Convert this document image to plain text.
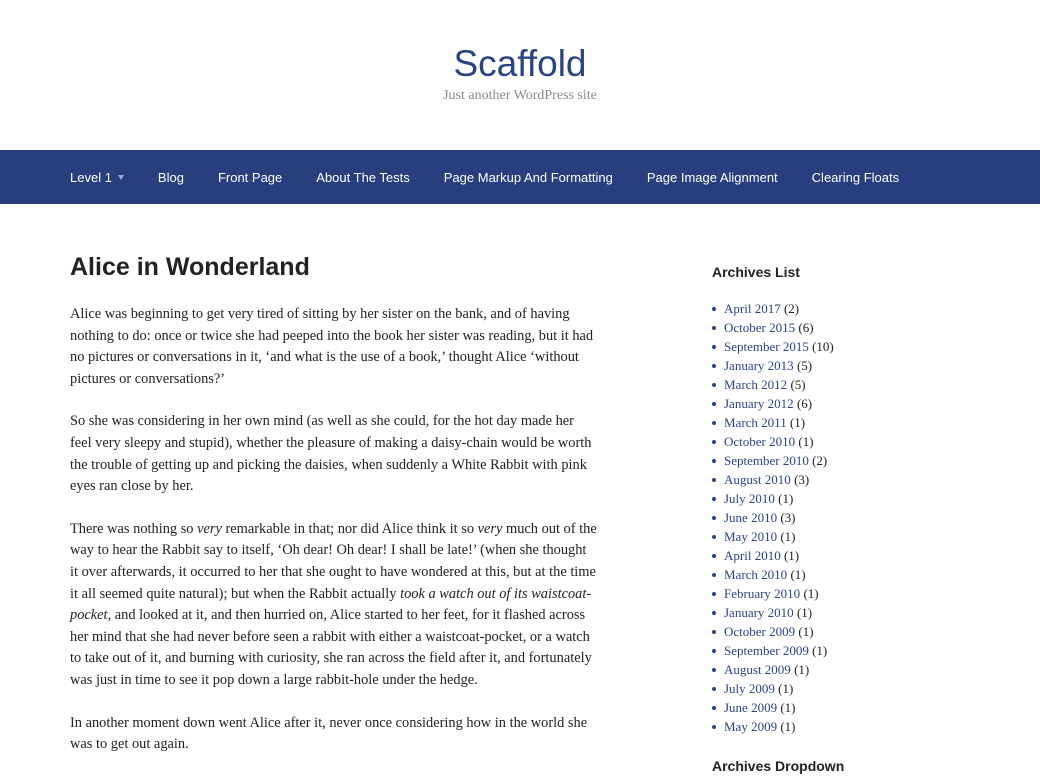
Scaffold
Just another WordPress site
Level 1	Blog	Front Page	About The Tests	Page Markup And Formatting	Page Image Alignment	Clearing Floats
Alice in Wonderland

Alice was beginning to get very tired of sitting by her sister on the bank, and of having nothing to do: once or twice she had peeped into the book her sister was reading, but it had no pictures or conversations in it, ‘and what is the use of a book,’ thought Alice ‘without pictures or conversations?’

So she was considering in her own mind (as well as she could, for the hot day made her feel very sleepy and stupid), whether the pleasure of making a daisy-chain would be worth the trouble of getting up and picking the daisies, when suddenly a White Rabbit with pink eyes ran close by her.

There was nothing so very remarkable in that; nor did Alice think it so very much out of the way to hear the Rabbit say to itself, ‘Oh dear! Oh dear! I shall be late!’ (when she thought it over afterwards, it occurred to her that she ought to have wondered at this, but at the time it all seemed quite natural); but when the Rabbit actually took a watch out of its waistcoat-pocket, and looked at it, and then hurried on, Alice started to her feet, for it flashed across her mind that she had never before seen a rabbit with either a waistcoat-pocket, or a watch to take out of it, and burning with curiosity, she ran across the field after it, and fortunately was just in time to see it pop down a large rabbit-hole under the hedge.

In another moment down went Alice after it, never once considering how in the world she was to get out again.

Archives List
April 2017 (2)
October 2015 (6)
September 2015 (10)
January 2013 (5)
March 2012 (5)
January 2012 (6)
March 2011 (1)
October 2010 (1)
September 2010 (2)
August 2010 (3)
July 2010 (1)
June 2010 (3)
May 2010 (1)
April 2010 (1)
March 2010 (1)
February 2010 (1)
January 2010 (1)
October 2009 (1)
September 2009 (1)
August 2009 (1)
July 2009 (1)
June 2009 (1)
May 2009 (1)
Archives Dropdown
